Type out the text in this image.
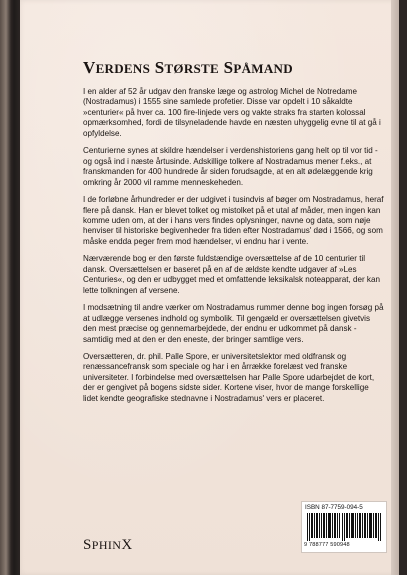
VERDENS STØRSTE SPÅMAND

I en alder af 52 år udgav den franske læge og astrolog Michel de Notredame (Nostradamus) i 1555 sine samlede profetier. Disse var opdelt i 10 såkaldte »centurier« på hver ca. 100 fire-linjede vers og vakte straks fra starten kolossal opmærksomhed, fordi de tilsyneladende havde en næsten uhyggelig evne til at gå i opfyldelse.

Centurierne synes at skildre hændelser i verdenshistoriens gang helt op til vor tid - og også ind i næste årtusinde. Adskillige tolkere af Nostradamus mener f.eks., at franskmanden for 400 hundrede år siden forudsagde, at en alt ødelæggende krig omkring år 2000 vil ramme menneskeheden.

I de forløbne århundreder er der udgivet i tusindvis af bøger om Nostradamus, heraf flere på dansk. Han er blevet tolket og mistolket på et utal af måder, men ingen kan komme uden om, at der i hans vers findes oplysninger, navne og data, som nøje henviser til historiske begivenheder fra tiden efter Nostradamus' død i 1566, og som måske endda peger frem mod hændelser, vi endnu har i vente.

Nærværende bog er den første fuldstændige oversættelse af de 10 centurier til dansk. Oversættelsen er baseret på en af de ældste kendte udgaver af »Les Centuries«, og den er udbygget med et omfattende leksikalsk noteapparat, der kan lette tolkningen af versene.

I modsætning til andre værker om Nostradamus rummer denne bog ingen forsøg på at udlægge versenes indhold og symbolik. Til gengæld er oversættelsen givetvis den mest præcise og gennemarbejdede, der endnu er udkommet på dansk - samtidig med at den er den eneste, der bringer samtlige vers.

Oversætteren, dr. phil. Palle Spore, er universitetslektor med oldfransk og renæssancefransk som speciale og har i en årrække forelæst ved franske universiteter. I forbindelse med oversættelsen har Palle Spore udarbejdet de kort, der er gengivet på bogens sidste sider. Kortene viser, hvor de mange forskellige lidet kendte geografiske stednavne i Nostradamus' vers er placeret.

ISBN 87-7759-094-5
9 788777 590948
SPHINX
